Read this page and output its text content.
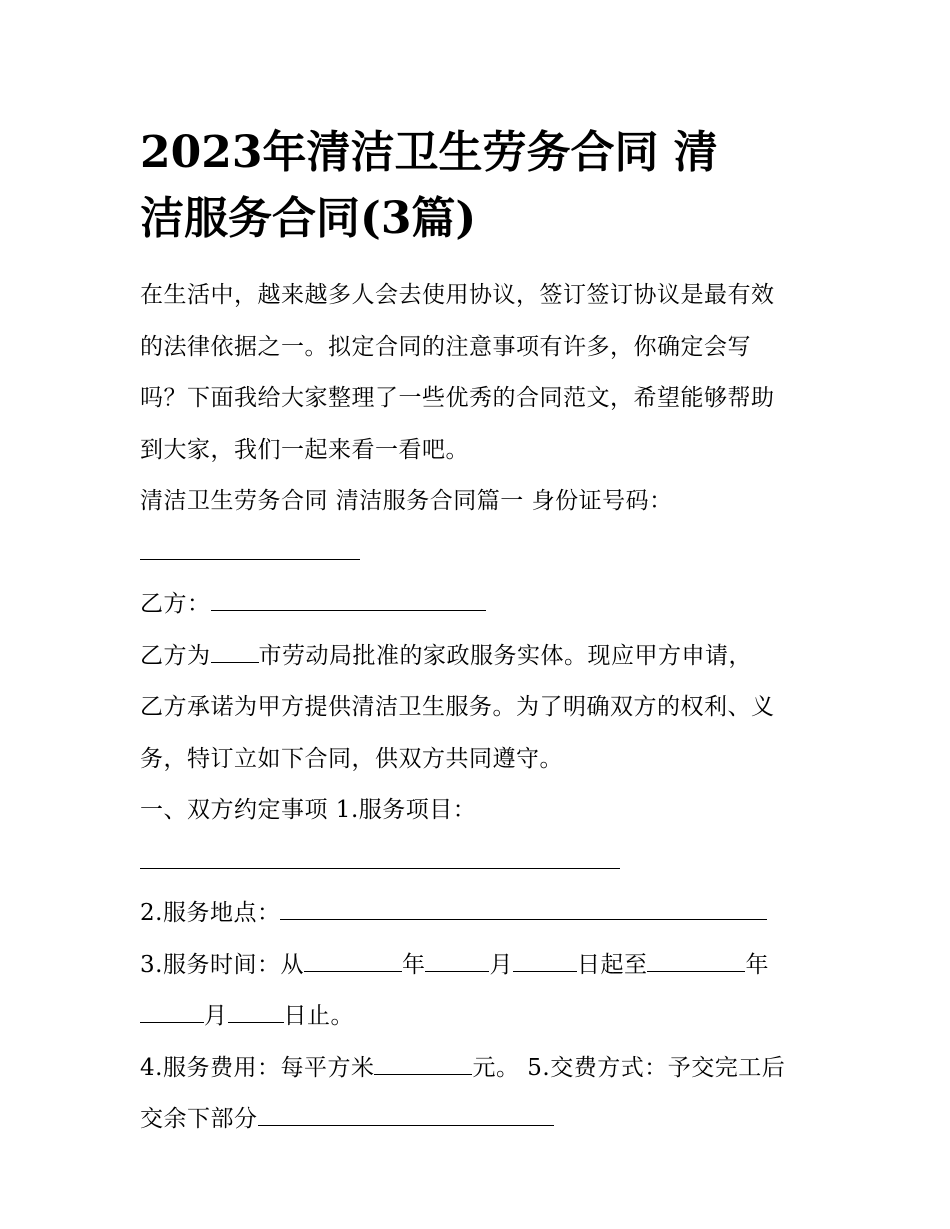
2023年清洁卫生劳务合同 清
洁服务合同(3篇)

在生活中，越来越多人会去使用协议，签订签订协议是最有效
的法律依据之一。拟定合同的注意事项有许多，你确定会写
吗？下面我给大家整理了一些优秀的合同范文，希望能够帮助
到大家，我们一起来看一看吧。

清洁卫生劳务合同 清洁服务合同篇一 身份证号码：

乙方：

乙方为 市劳动局批准的家政服务实体。现应甲方申请，
乙方承诺为甲方提供清洁卫生服务。为了明确双方的权利、义
务，特订立如下合同，供双方共同遵守。

一、双方约定事项 1.服务项目：

2.服务地点：

3.服务时间：从	年	月	日起至	年
月 日止。

4.服务费用：每平方米	元。 5.交费方式：予交完工后
交余下部分
